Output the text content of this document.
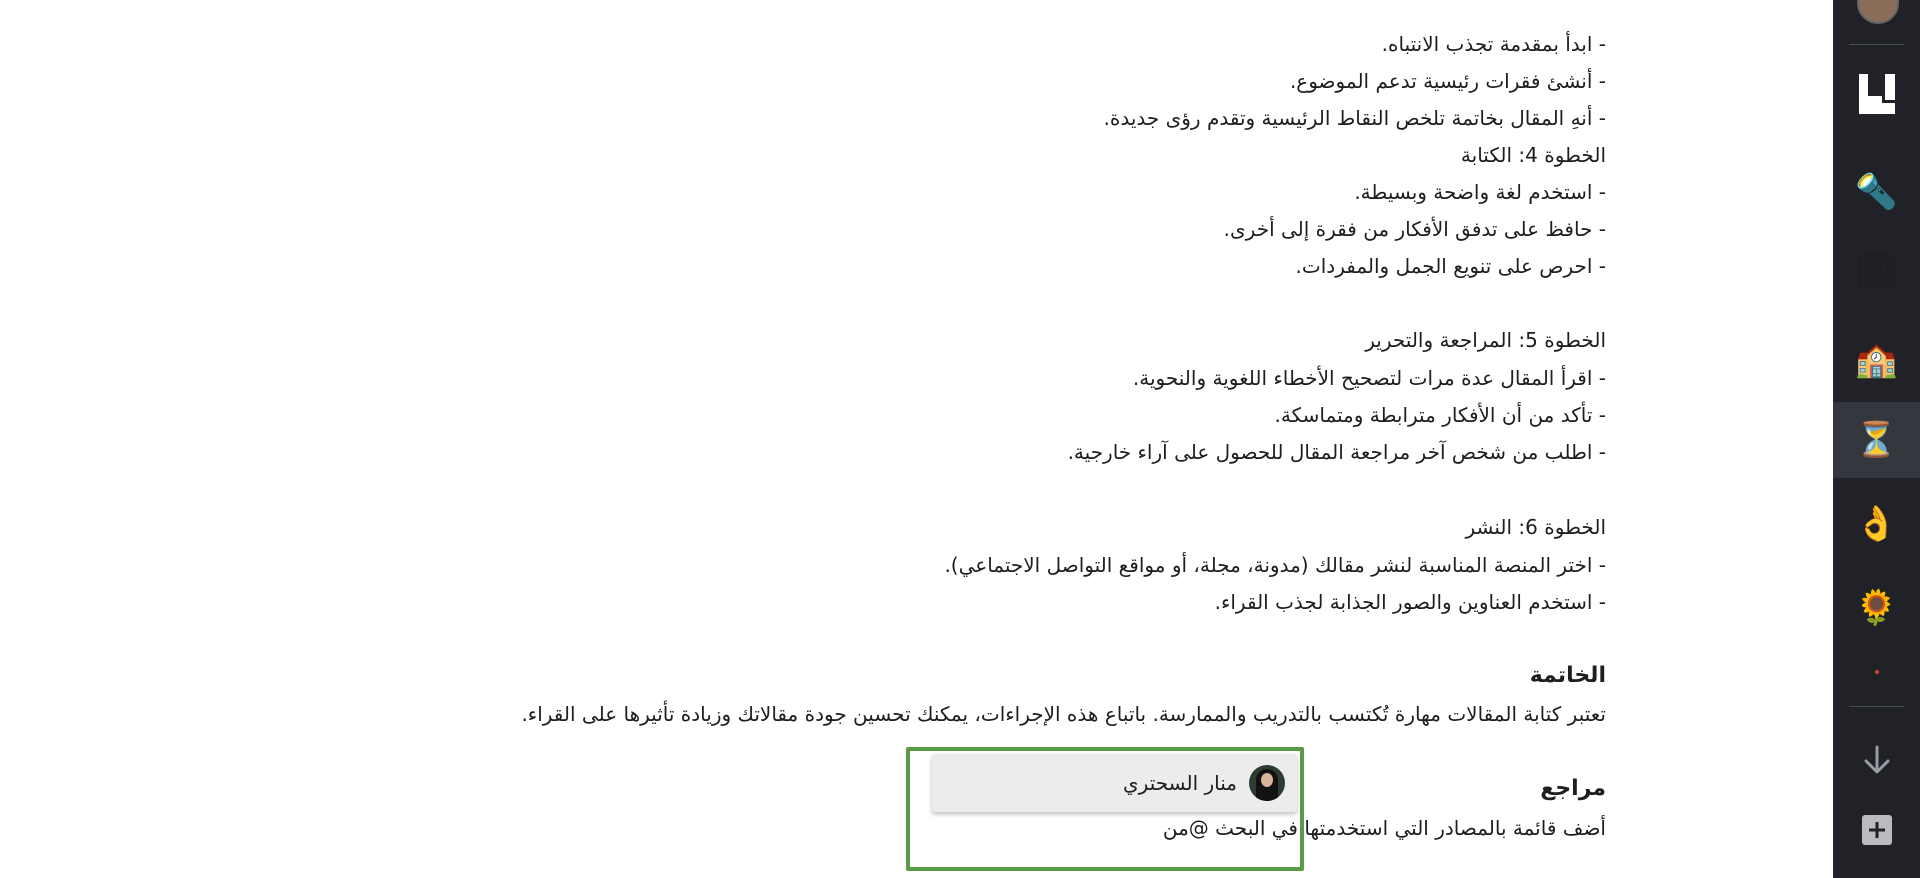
- ابدأ بمقدمة تجذب الانتباه.
- أنشئ فقرات رئيسية تدعم الموضوع.
- أنهِ المقال بخاتمة تلخص النقاط الرئيسية وتقدم رؤى جديدة.
الخطوة 4: الكتابة
- استخدم لغة واضحة وبسيطة.
- حافظ على تدفق الأفكار من فقرة إلى أخرى.
- احرص على تنويع الجمل والمفردات.
الخطوة 5: المراجعة والتحرير
- اقرأ المقال عدة مرات لتصحيح الأخطاء اللغوية والنحوية.
- تأكد من أن الأفكار مترابطة ومتماسكة.
- اطلب من شخص آخر مراجعة المقال للحصول على آراء خارجية.
الخطوة 6: النشر
- اختر المنصة المناسبة لنشر مقالك (مدونة، مجلة، أو مواقع التواصل الاجتماعي).
- استخدم العناوين والصور الجذابة لجذب القراء.
الخاتمة
تعتبر كتابة المقالات مهارة تُكتسب بالتدريب والممارسة. باتباع هذه الإجراءات، يمكنك تحسين جودة مقالاتك وزيادة تأثيرها على القراء.
مراجع
أضف قائمة بالمصادر التي استخدمتها في البحث @من
منار السحتري
🔦
🖼
🏫
⏳
👌
🌻
